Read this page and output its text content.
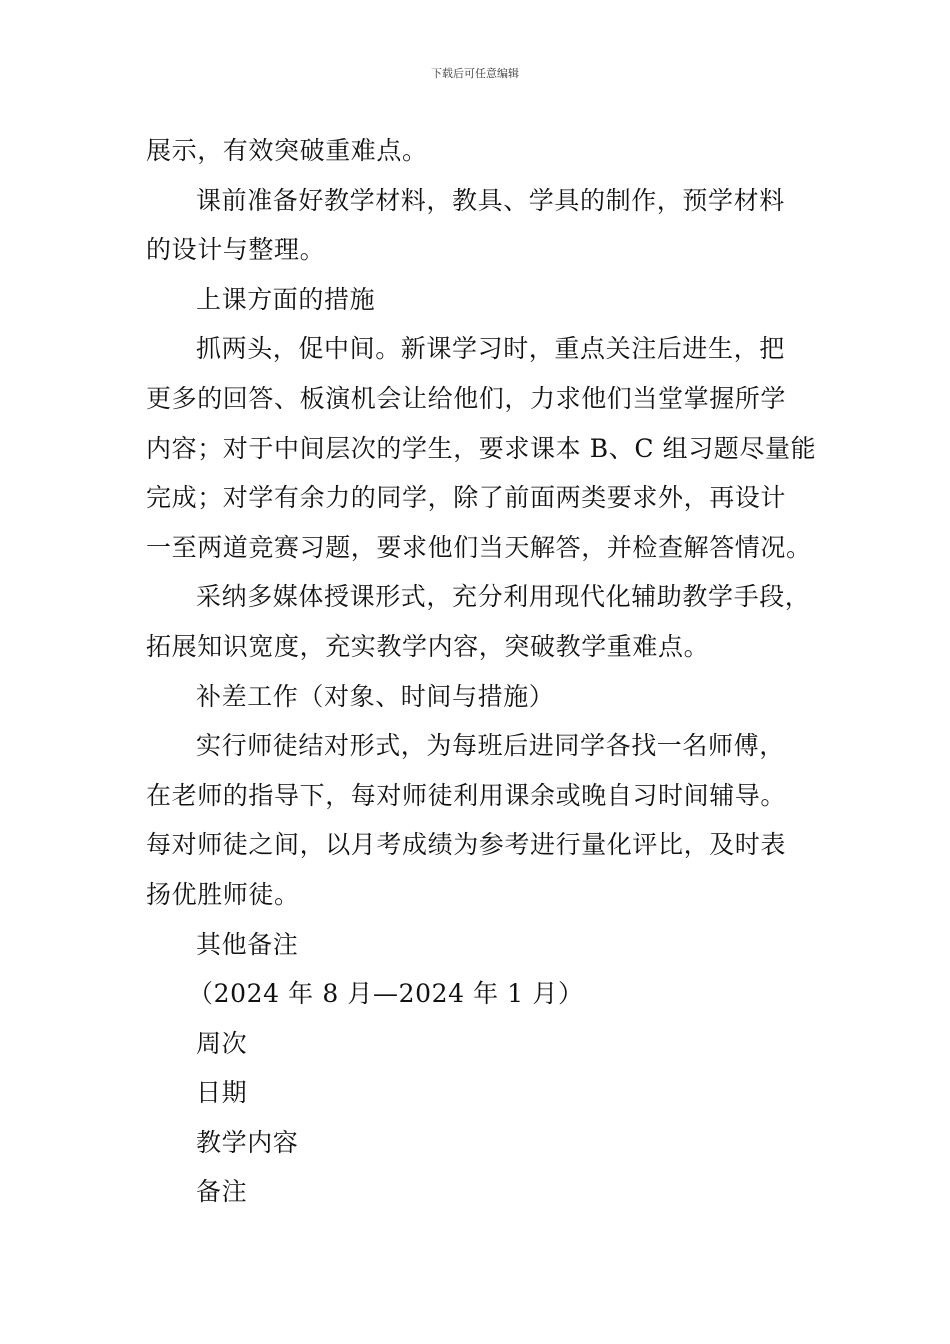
下载后可任意编辑

展示，有效突破重难点。

课前准备好教学材料，教具、学具的制作，预学材料
的设计与整理。

上课方面的措施

抓两头，促中间。新课学习时，重点关注后进生，把
更多的回答、板演机会让给他们，力求他们当堂掌握所学
内容；对于中间层次的学生，要求课本 B、C 组习题尽量能
完成；对学有余力的同学，除了前面两类要求外，再设计
一至两道竞赛习题，要求他们当天解答，并检查解答情况。

采纳多媒体授课形式，充分利用现代化辅助教学手段，
拓展知识宽度，充实教学内容，突破教学重难点。

补差工作（对象、时间与措施）

实行师徒结对形式，为每班后进同学各找一名师傅，
在老师的指导下，每对师徒利用课余或晚自习时间辅导。
每对师徒之间，以月考成绩为参考进行量化评比，及时表
扬优胜师徒。

其他备注

（2024 年 8 月—2024 年 1 月）

周次

日期

教学内容

备注
